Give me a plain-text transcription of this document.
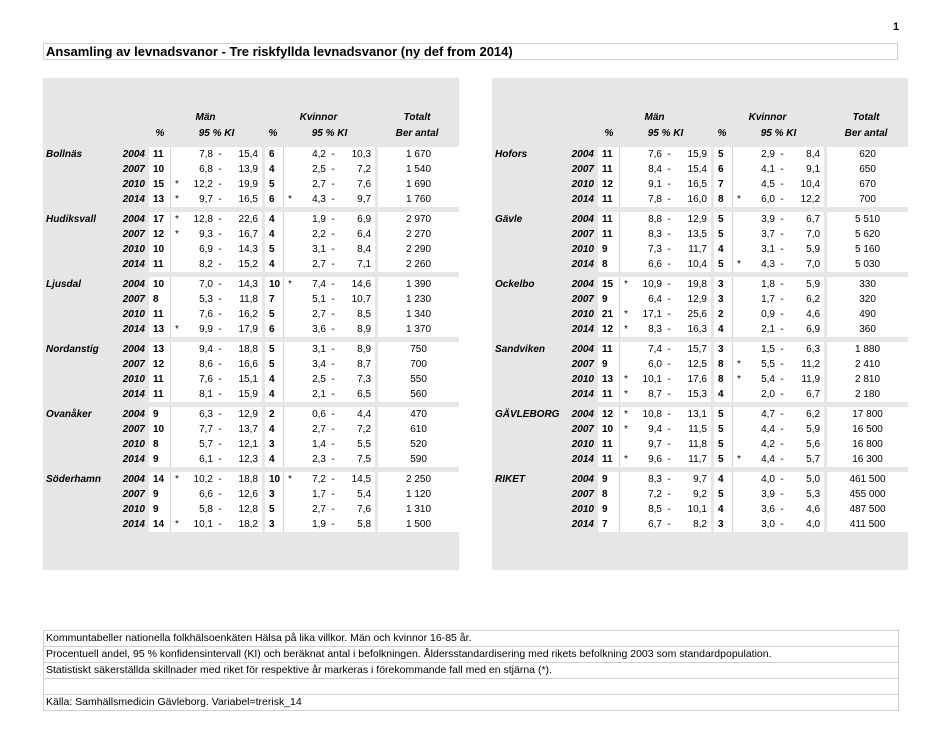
1
Ansamling av levnadsvanor - Tre riskfyllda levnadsvanor (ny def from 2014)
		Män					Kvinnor					Totalt
		%	95 % KI				%	95 % KI				Ber antal

Bollnäs	2004	11		7,8	-	15,4	6		4,2	-	10,3	1 670
	2007	10		6,8	-	13,9	4		2,5	-	7,2	1 540
	2010	15	*	12,2	-	19,9	5		2,7	-	7,6	1 690
	2014	13	*	9,7	-	16,5	6	*	4,3	-	9,7	1 760

Hudiksvall	2004	17	*	12,8	-	22,6	4		1,9	-	6,9	2 970
	2007	12	*	9,3	-	16,7	4		2,2	-	6,4	2 270
	2010	10		6,9	-	14,3	5		3,1	-	8,4	2 290
	2014	11		8,2	-	15,2	4		2,7	-	7,1	2 260

Ljusdal	2004	10		7,0	-	14,3	10	*	7,4	-	14,6	1 390
	2007	8		5,3	-	11,8	7		5,1	-	10,7	1 230
	2010	11		7,6	-	16,2	5		2,7	-	8,5	1 340
	2014	13	*	9,9	-	17,9	6		3,6	-	8,9	1 370

Nordanstig	2004	13		9,4	-	18,8	5		3,1	-	8,9	750
	2007	12		8,6	-	16,6	5		3,4	-	8,7	700
	2010	11		7,6	-	15,1	4		2,5	-	7,3	550
	2014	11		8,1	-	15,9	4		2,1	-	6,5	560

Ovanåker	2004	9		6,3	-	12,9	2		0,6	-	4,4	470
	2007	10		7,7	-	13,7	4		2,7	-	7,2	610
	2010	8		5,7	-	12,1	3		1,4	-	5,5	520
	2014	9		6,1	-	12,3	4		2,3	-	7,5	590

Söderhamn	2004	14	*	10,2	-	18,8	10	*	7,2	-	14,5	2 250
	2007	9		6,6	-	12,6	3		1,7	-	5,4	1 120
	2010	9		5,8	-	12,8	5		2,7	-	7,6	1 310
	2014	14	*	10,1	-	18,2	3		1,9	-	5,8	1 500
		Män					Kvinnor					Totalt
		%	95 % KI				%	95 % KI				Ber antal

Hofors	2004	11		7,6	-	15,9	5		2,9	-	8,4	620
	2007	11		8,4	-	15,4	6		4,1	-	9,1	650
	2010	12		9,1	-	16,5	7		4,5	-	10,4	670
	2014	11		7,8	-	16,0	8	*	6,0	-	12,2	700

Gävle	2004	11		8,8	-	12,9	5		3,9	-	6,7	5 510
	2007	11		8,3	-	13,5	5		3,7	-	7,0	5 620
	2010	9		7,3	-	11,7	4		3,1	-	5,9	5 160
	2014	8		6,6	-	10,4	5	*	4,3	-	7,0	5 030

Ockelbo	2004	15	*	10,9	-	19,8	3		1,8	-	5,9	330
	2007	9		6,4	-	12,9	3		1,7	-	6,2	320
	2010	21	*	17,1	-	25,6	2		0,9	-	4,6	490
	2014	12	*	8,3	-	16,3	4		2,1	-	6,9	360

Sandviken	2004	11		7,4	-	15,7	3		1,5	-	6,3	1 880
	2007	9		6,0	-	12,5	8	*	5,5	-	11,2	2 410
	2010	13	*	10,1	-	17,6	8	*	5,4	-	11,9	2 810
	2014	11	*	8,7	-	15,3	4		2,0	-	6,7	2 180

GÄVLEBORG	2004	12	*	10,8	-	13,1	5		4,7	-	6,2	17 800
	2007	10	*	9,4	-	11,5	5		4,4	-	5,9	16 500
	2010	11		9,7	-	11,8	5		4,2	-	5,6	16 800
	2014	11	*	9,6	-	11,7	5	*	4,4	-	5,7	16 300

RIKET	2004	9		8,3	-	9,7	4		4,0	-	5,0	461 500
	2007	8		7,2	-	9,2	5		3,9	-	5,3	455 000
	2010	9		8,5	-	10,1	4		3,6	-	4,6	487 500
	2014	7		6,7	-	8,2	3		3,0	-	4,0	411 500
Kommuntabeller nationella folkhälsoenkäten Hälsa på lika villkor. Män och kvinnor 16-85 år.
Procentuell andel, 95 % konfidensintervall (KI) och beräknat antal i befolkningen. Åldersstandardisering med rikets befolkning 2003 som standardpopulation.
Statistiskt säkerställda skillnader med riket för respektive år markeras i förekommande fall med en stjärna (*).
Källa: Samhällsmedicin Gävleborg. Variabel=trerisk_14
